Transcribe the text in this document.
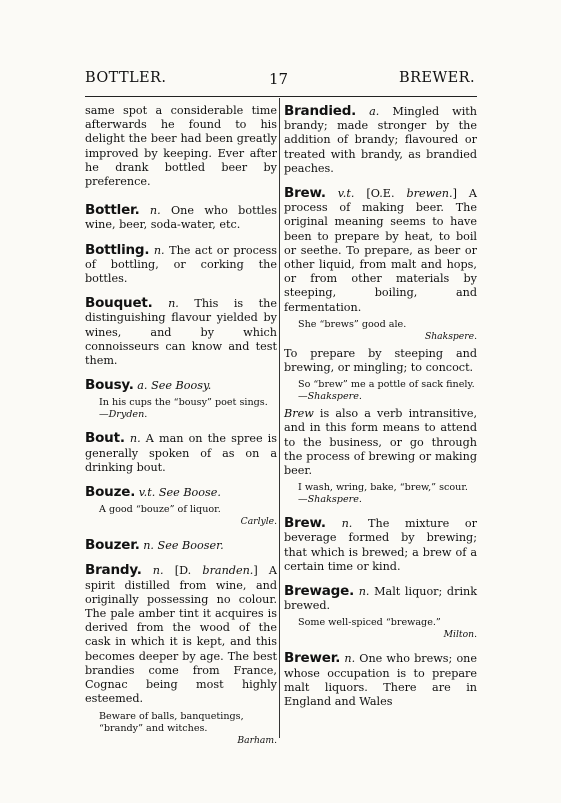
BOTTLER.	17	BREWER.
same spot a considerable time afterwards he found to his delight the beer had been greatly improved by keeping. Ever after he drank bottled beer by preference.
Bottler. n. One who bottles wine, beer, soda-water, etc.
Bottling. n. The act or process of bottling, or corking the bottles.
Bouquet. n. This is the distinguishing flavour yielded by wines, and by which connoisseurs can know and test them.
Bousy. a. See Boosy.
In his cups the “bousy” poet sings.—Dryden.
Bout. n. A man on the spree is generally spoken of as on a drinking bout.
Bouze. v.t. See Boose.
A good “bouze” of liquor.
Carlyle.
Bouzer. n. See Booser.
Brandy. n. [D. branden.] A spirit distilled from wine, and originally possessing no colour. The pale amber tint it acquires is derived from the wood of the cask in which it is kept, and this becomes deeper by age. The best brandies come from France, Cognac being most highly esteemed.
Beware of balls, banquetings, “brandy” and witches.
Barham.
Brandied. a. Mingled with brandy; made stronger by the addition of brandy; flavoured or treated with brandy, as brandied peaches.
Brew. v.t. [O.E. brewen.] A process of making beer. The original meaning seems to have been to prepare by heat, to boil or seethe. To prepare, as beer or other liquid, from malt and hops, or from other materials by steeping, boiling, and fermentation.
She “brews” good ale.
Shakspere.
To prepare by steeping and brewing, or mingling; to concoct.
So “brew” me a pottle of sack finely.—Shakspere.
Brew is also a verb intransitive, and in this form means to attend to the business, or go through the process of brewing or making beer.
I wash, wring, bake, “brew,” scour.—Shakspere.
Brew. n. The mixture or beverage formed by brewing; that which is brewed; a brew of a certain time or kind.
Brewage. n. Malt liquor; drink brewed.
Some well-spiced “brewage.”
Milton.
Brewer. n. One who brews; one whose occupation is to prepare malt liquors. There are in England and Wales
